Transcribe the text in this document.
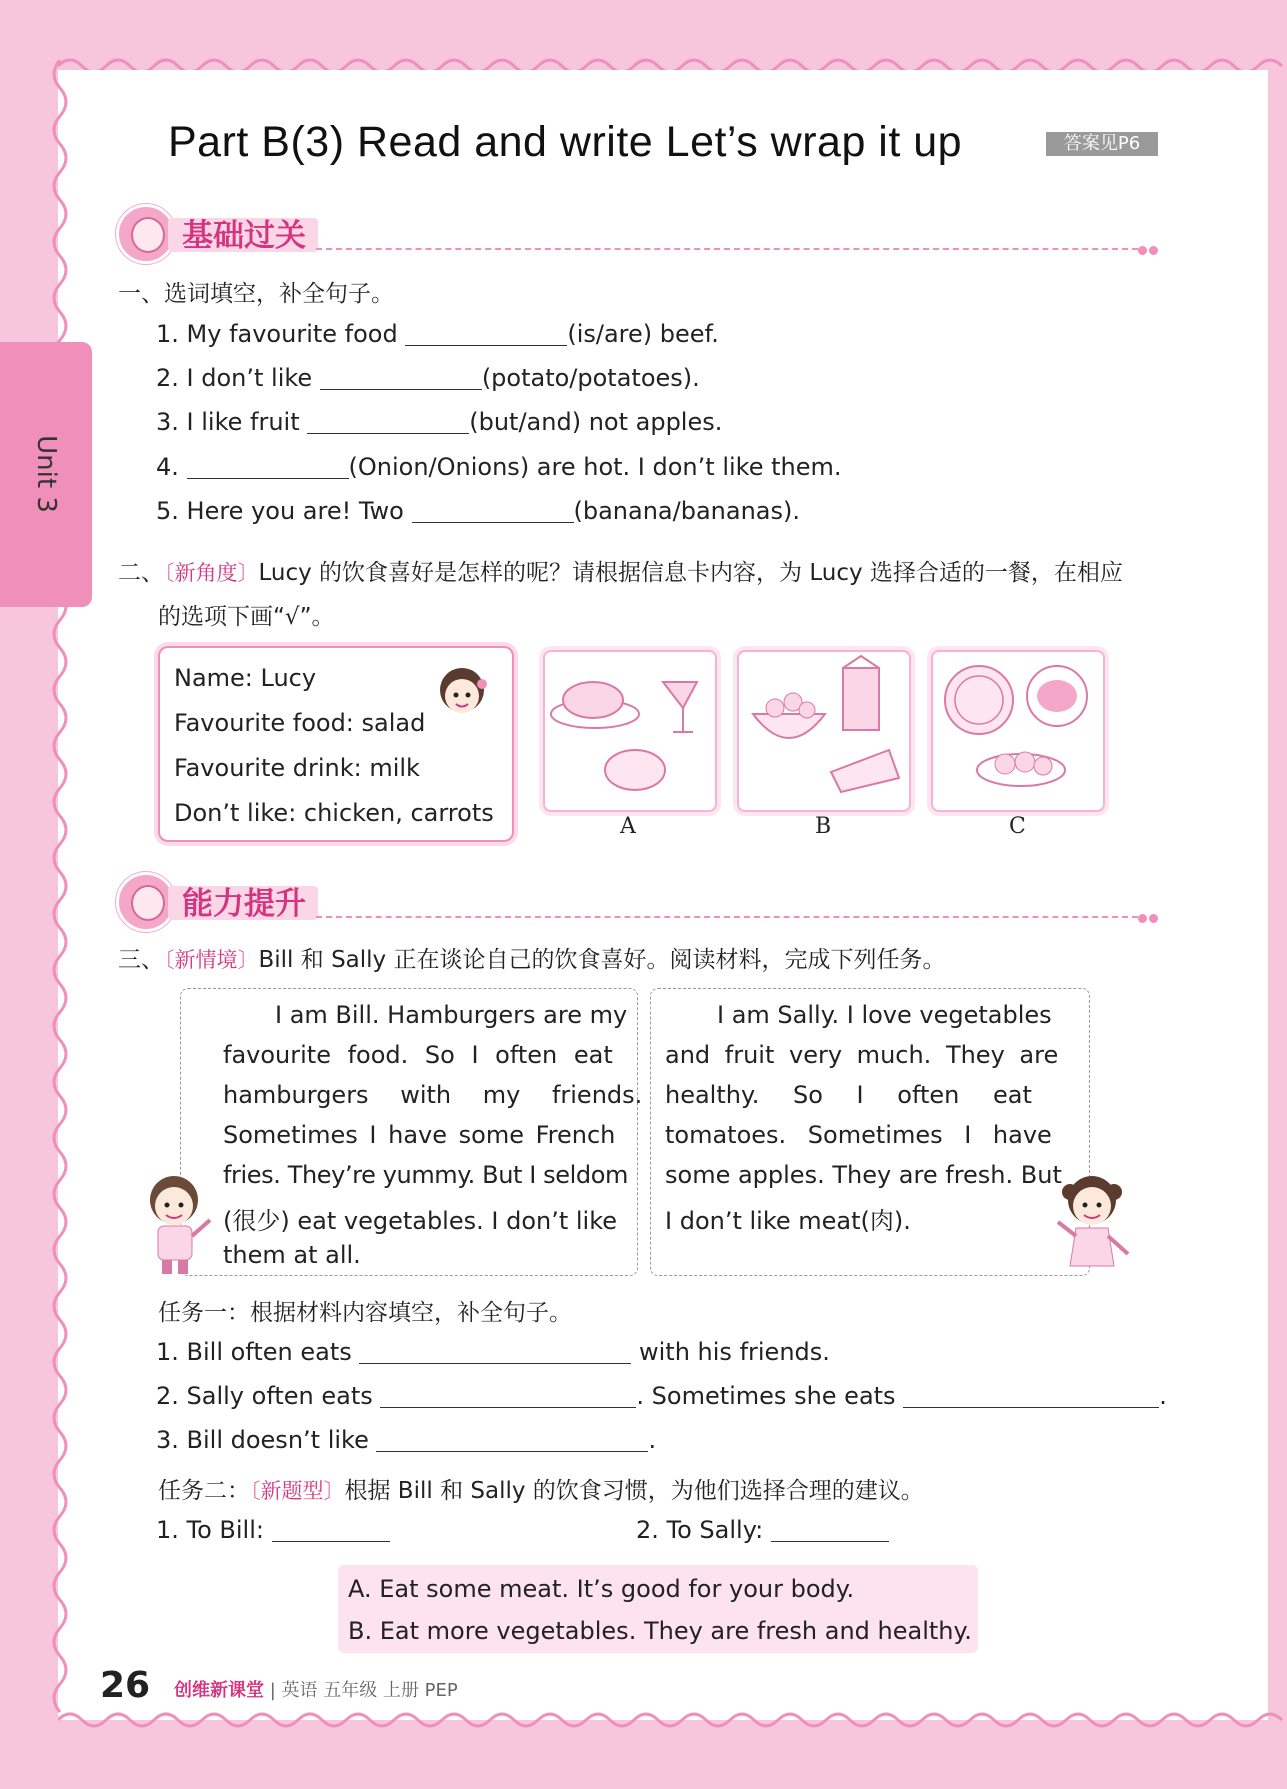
Unit 3
Part B(3) Read and write Let’s wrap it up	答案见P6
基础过关
一、选词填空，补全句子。
1. My favourite food	(is/are) beef.
2. I don’t like	(potato/potatoes).
3. I like fruit	(but/and) not apples.
4.	(Onion/Onions) are hot. I don’t like them.
5. Here you are! Two	(banana/bananas).
二、〔新角度〕Lucy 的饮食喜好是怎样的呢？请根据信息卡内容，为 Lucy 选择合适的一餐，在相应
的选项下画“√”。
Name: Lucy
Favourite food: salad
Favourite drink: milk
Don’t like: chicken, carrots	A	B	C
能力提升
三、〔新情境〕Bill 和 Sally 正在谈论自己的饮食喜好。阅读材料，完成下列任务。
I am Bill. Hamburgers are my
favourite food. So I often eat
hamburgers with my friends.
Sometimes I have some French
fries. They’re yummy. But I seldom
(很少) eat vegetables. I don’t like
them at all.
I am Sally. I love vegetables
and fruit very much. They are
healthy. So I often eat
tomatoes. Sometimes I have
some apples. They are fresh. But
I don’t like meat(肉).
任务一：根据材料内容填空，补全句子。
1. Bill often eats	with his friends.
2. Sally often eats	. Sometimes she eats	.
3. Bill doesn’t like	.
任务二：〔新题型〕根据 Bill 和 Sally 的饮食习惯，为他们选择合理的建议。
1. To Bill:	2. To Sally:
A. Eat some meat. It’s good for your body.
B. Eat more vegetables. They are fresh and healthy.
26 创维新课堂 | 英语 五年级 上册 PEP
